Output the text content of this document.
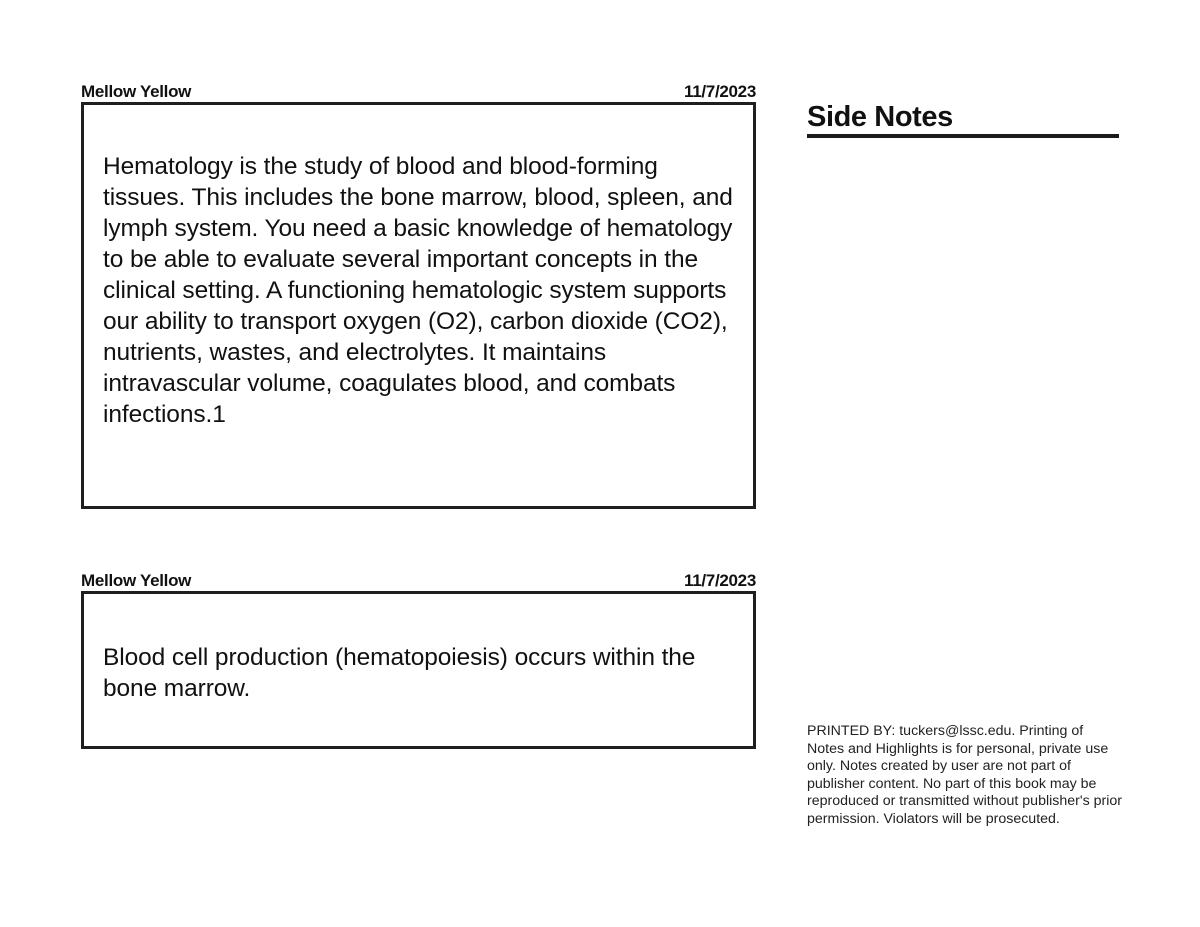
Mellow Yellow	11/7/2023
Hematology is the study of blood and blood-forming tissues. This includes the bone marrow, blood, spleen, and lymph system. You need a basic knowledge of hematology to be able to evaluate several important concepts in the clinical setting. A functioning hematologic system supports our ability to transport oxygen (O2), carbon dioxide (CO2), nutrients, wastes, and electrolytes. It maintains intravascular volume, coagulates blood, and combats infections.1
Mellow Yellow	11/7/2023
Blood cell production (hematopoiesis) occurs within the bone marrow.
Side Notes
PRINTED BY: tuckers@lssc.edu. Printing of Notes and Highlights is for personal, private use only. Notes created by user are not part of publisher content. No part of this book may be reproduced or transmitted without publisher's prior permission. Violators will be prosecuted.
